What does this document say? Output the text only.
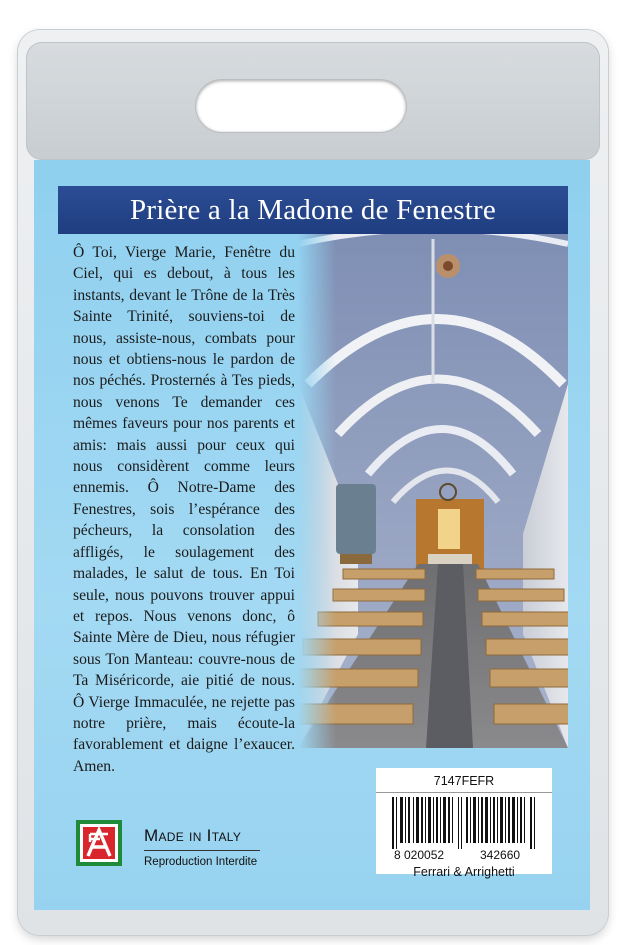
Prière a la Madone de Fenestre
Ô Toi, Vierge Marie, Fenêtre du Ciel, qui es debout, à tous les instants, devant le Trône de la Très Sainte Trinité, souviens-toi de nous, assiste-nous, combats pour nous et obtiens-nous le pardon de nos péchés. Prosternés à Tes pieds, nous venons Te demander ces mêmes faveurs pour nos parents et amis: mais aussi pour ceux qui nous considèrent comme leurs ennemis. Ô Notre-Dame des Fenestres, sois l’espérance des pécheurs, la consolation des affligés, le soulagement des malades, le salut de tous. En Toi seule, nous pouvons trouver appui et repos. Nous venons donc, ô Sainte Mère de Dieu, nous réfugier sous Ton Manteau: couvre-nous de Ta Miséricorde, aie pitié de nous. Ô Vierge Immaculée, ne rejette pas notre prière, mais écoute-la favorablement et daigne l’exaucer. Amen.
7147FEFR
8 020052	342660
Ferrari & Arrighetti
Made in Italy
Reproduction Interdite
